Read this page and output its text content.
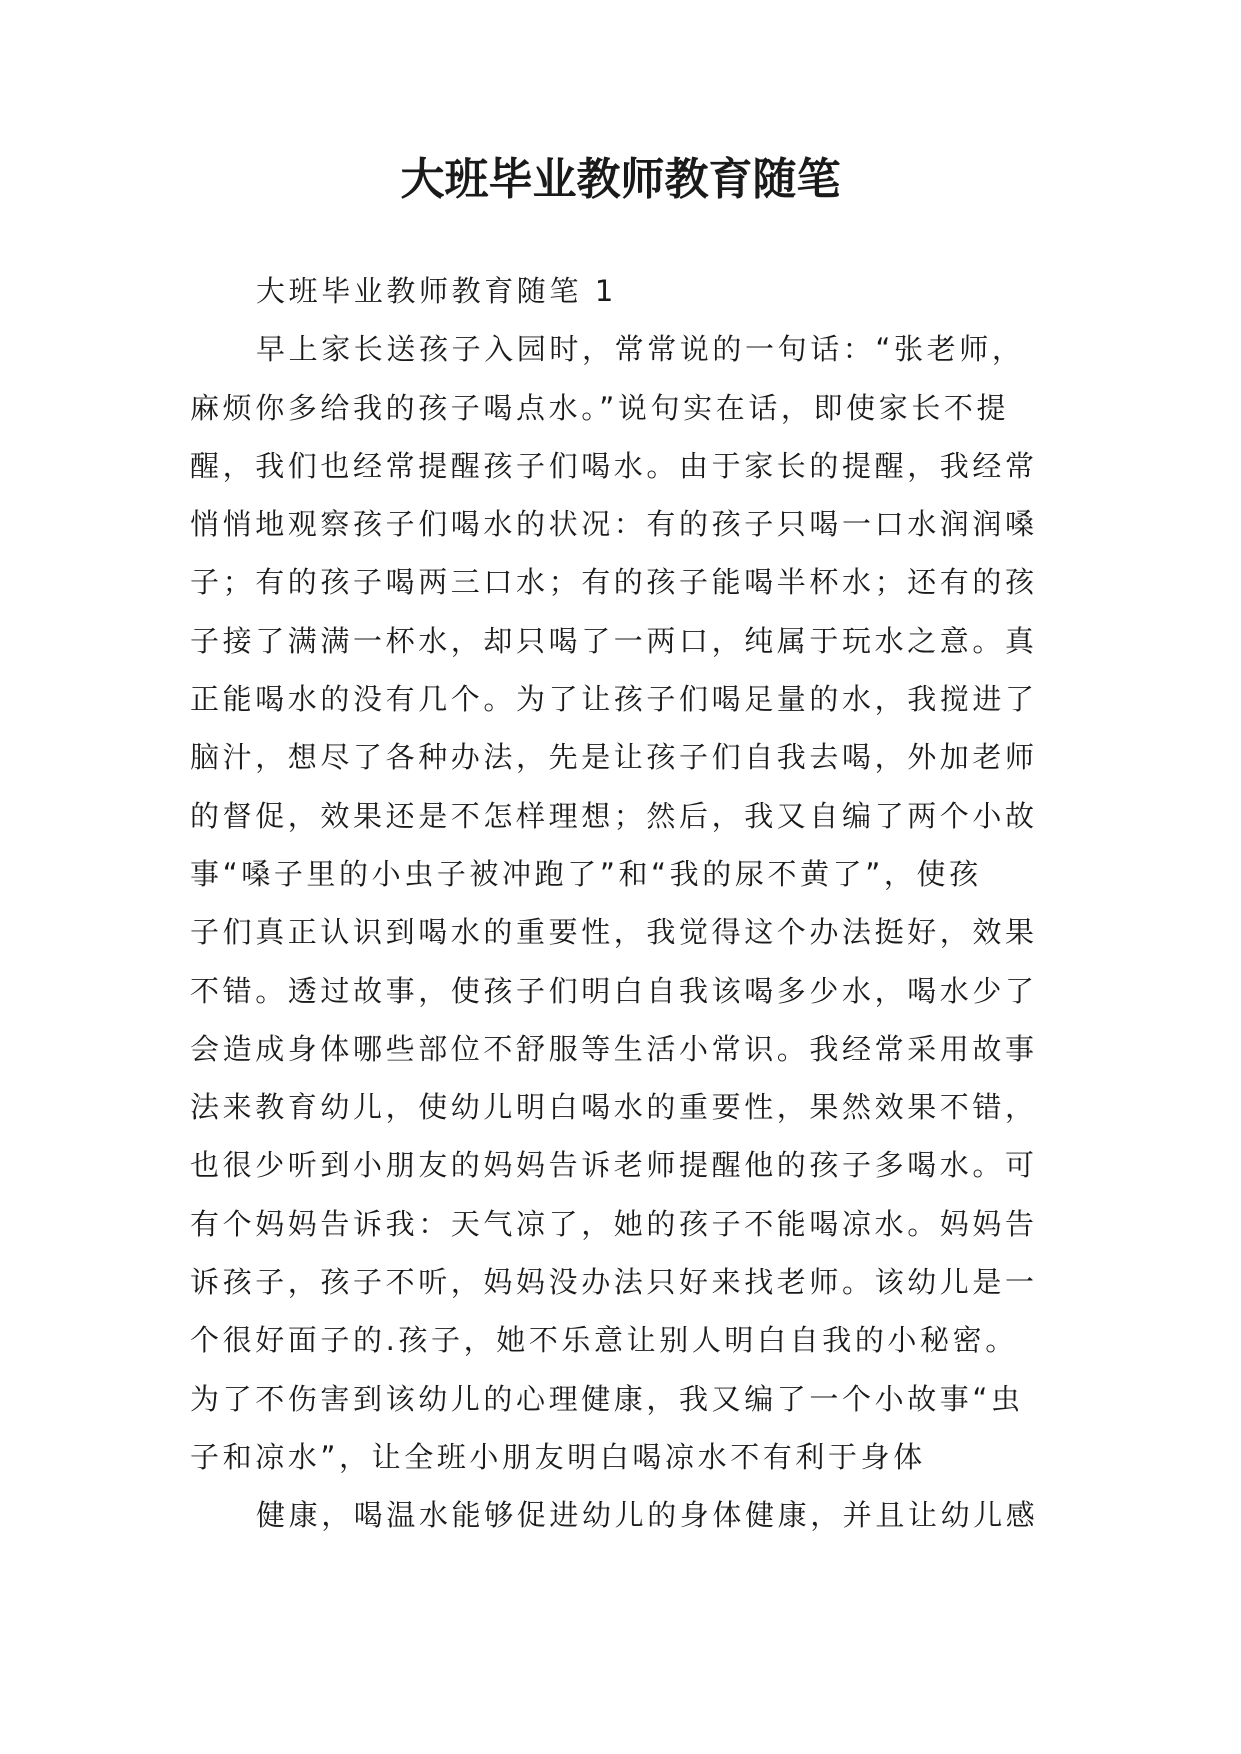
大班毕业教师教育随笔
大班毕业教师教育随笔 1
早上家长送孩子入园时，常常说的一句话：“张老师，
麻烦你多给我的孩子喝点水。”说句实在话，即使家长不提
醒，我们也经常提醒孩子们喝水。由于家长的提醒，我经常
悄悄地观察孩子们喝水的状况：有的孩子只喝一口水润润嗓
子；有的孩子喝两三口水；有的孩子能喝半杯水；还有的孩
子接了满满一杯水，却只喝了一两口，纯属于玩水之意。真
正能喝水的没有几个。为了让孩子们喝足量的水，我搅进了
脑汁，想尽了各种办法，先是让孩子们自我去喝，外加老师
的督促，效果还是不怎样理想；然后，我又自编了两个小故
事“嗓子里的小虫子被冲跑了”和“我的尿不黄了”，使孩
子们真正认识到喝水的重要性，我觉得这个办法挺好，效果
不错。透过故事，使孩子们明白自我该喝多少水，喝水少了
会造成身体哪些部位不舒服等生活小常识。我经常采用故事
法来教育幼儿，使幼儿明白喝水的重要性，果然效果不错，
也很少听到小朋友的妈妈告诉老师提醒他的孩子多喝水。可
有个妈妈告诉我：天气凉了，她的孩子不能喝凉水。妈妈告
诉孩子，孩子不听，妈妈没办法只好来找老师。该幼儿是一
个很好面子的.孩子，她不乐意让别人明白自我的小秘密。
为了不伤害到该幼儿的心理健康，我又编了一个小故事“虫
子和凉水”，让全班小朋友明白喝凉水不有利于身体
健康，喝温水能够促进幼儿的身体健康，并且让幼儿感
